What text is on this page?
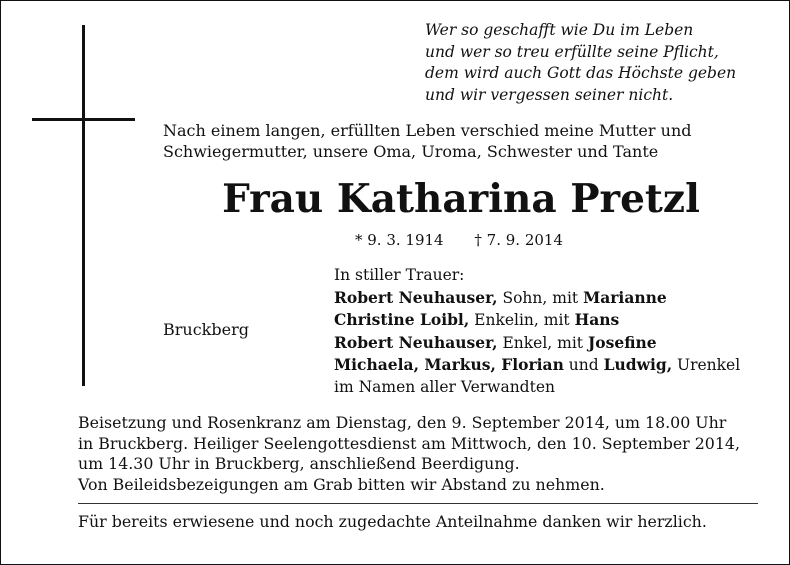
Wer so geschafft wie Du im Leben
und wer so treu erfüllte seine Pflicht,
dem wird auch Gott das Höchste geben
und wir vergessen seiner nicht.
Nach einem langen, erfüllten Leben verschied meine Mutter und
Schwiegermutter, unsere Oma, Uroma, Schwester und Tante
Frau Katharina Pretzl
* 9. 3. 1914 † 7. 9. 2014
Bruckberg
In stiller Trauer:
Robert Neuhauser, Sohn, mit Marianne
Christine Loibl, Enkelin, mit Hans
Robert Neuhauser, Enkel, mit Josefine
Michaela, Markus, Florian und Ludwig, Urenkel
im Namen aller Verwandten
Beisetzung und Rosenkranz am Dienstag, den 9. September 2014, um 18.00 Uhr
in Bruckberg. Heiliger Seelengottesdienst am Mittwoch, den 10. September 2014,
um 14.30 Uhr in Bruckberg, anschließend Beerdigung.
Von Beileidsbezeigungen am Grab bitten wir Abstand zu nehmen.
Für bereits erwiesene und noch zugedachte Anteilnahme danken wir herzlich.
